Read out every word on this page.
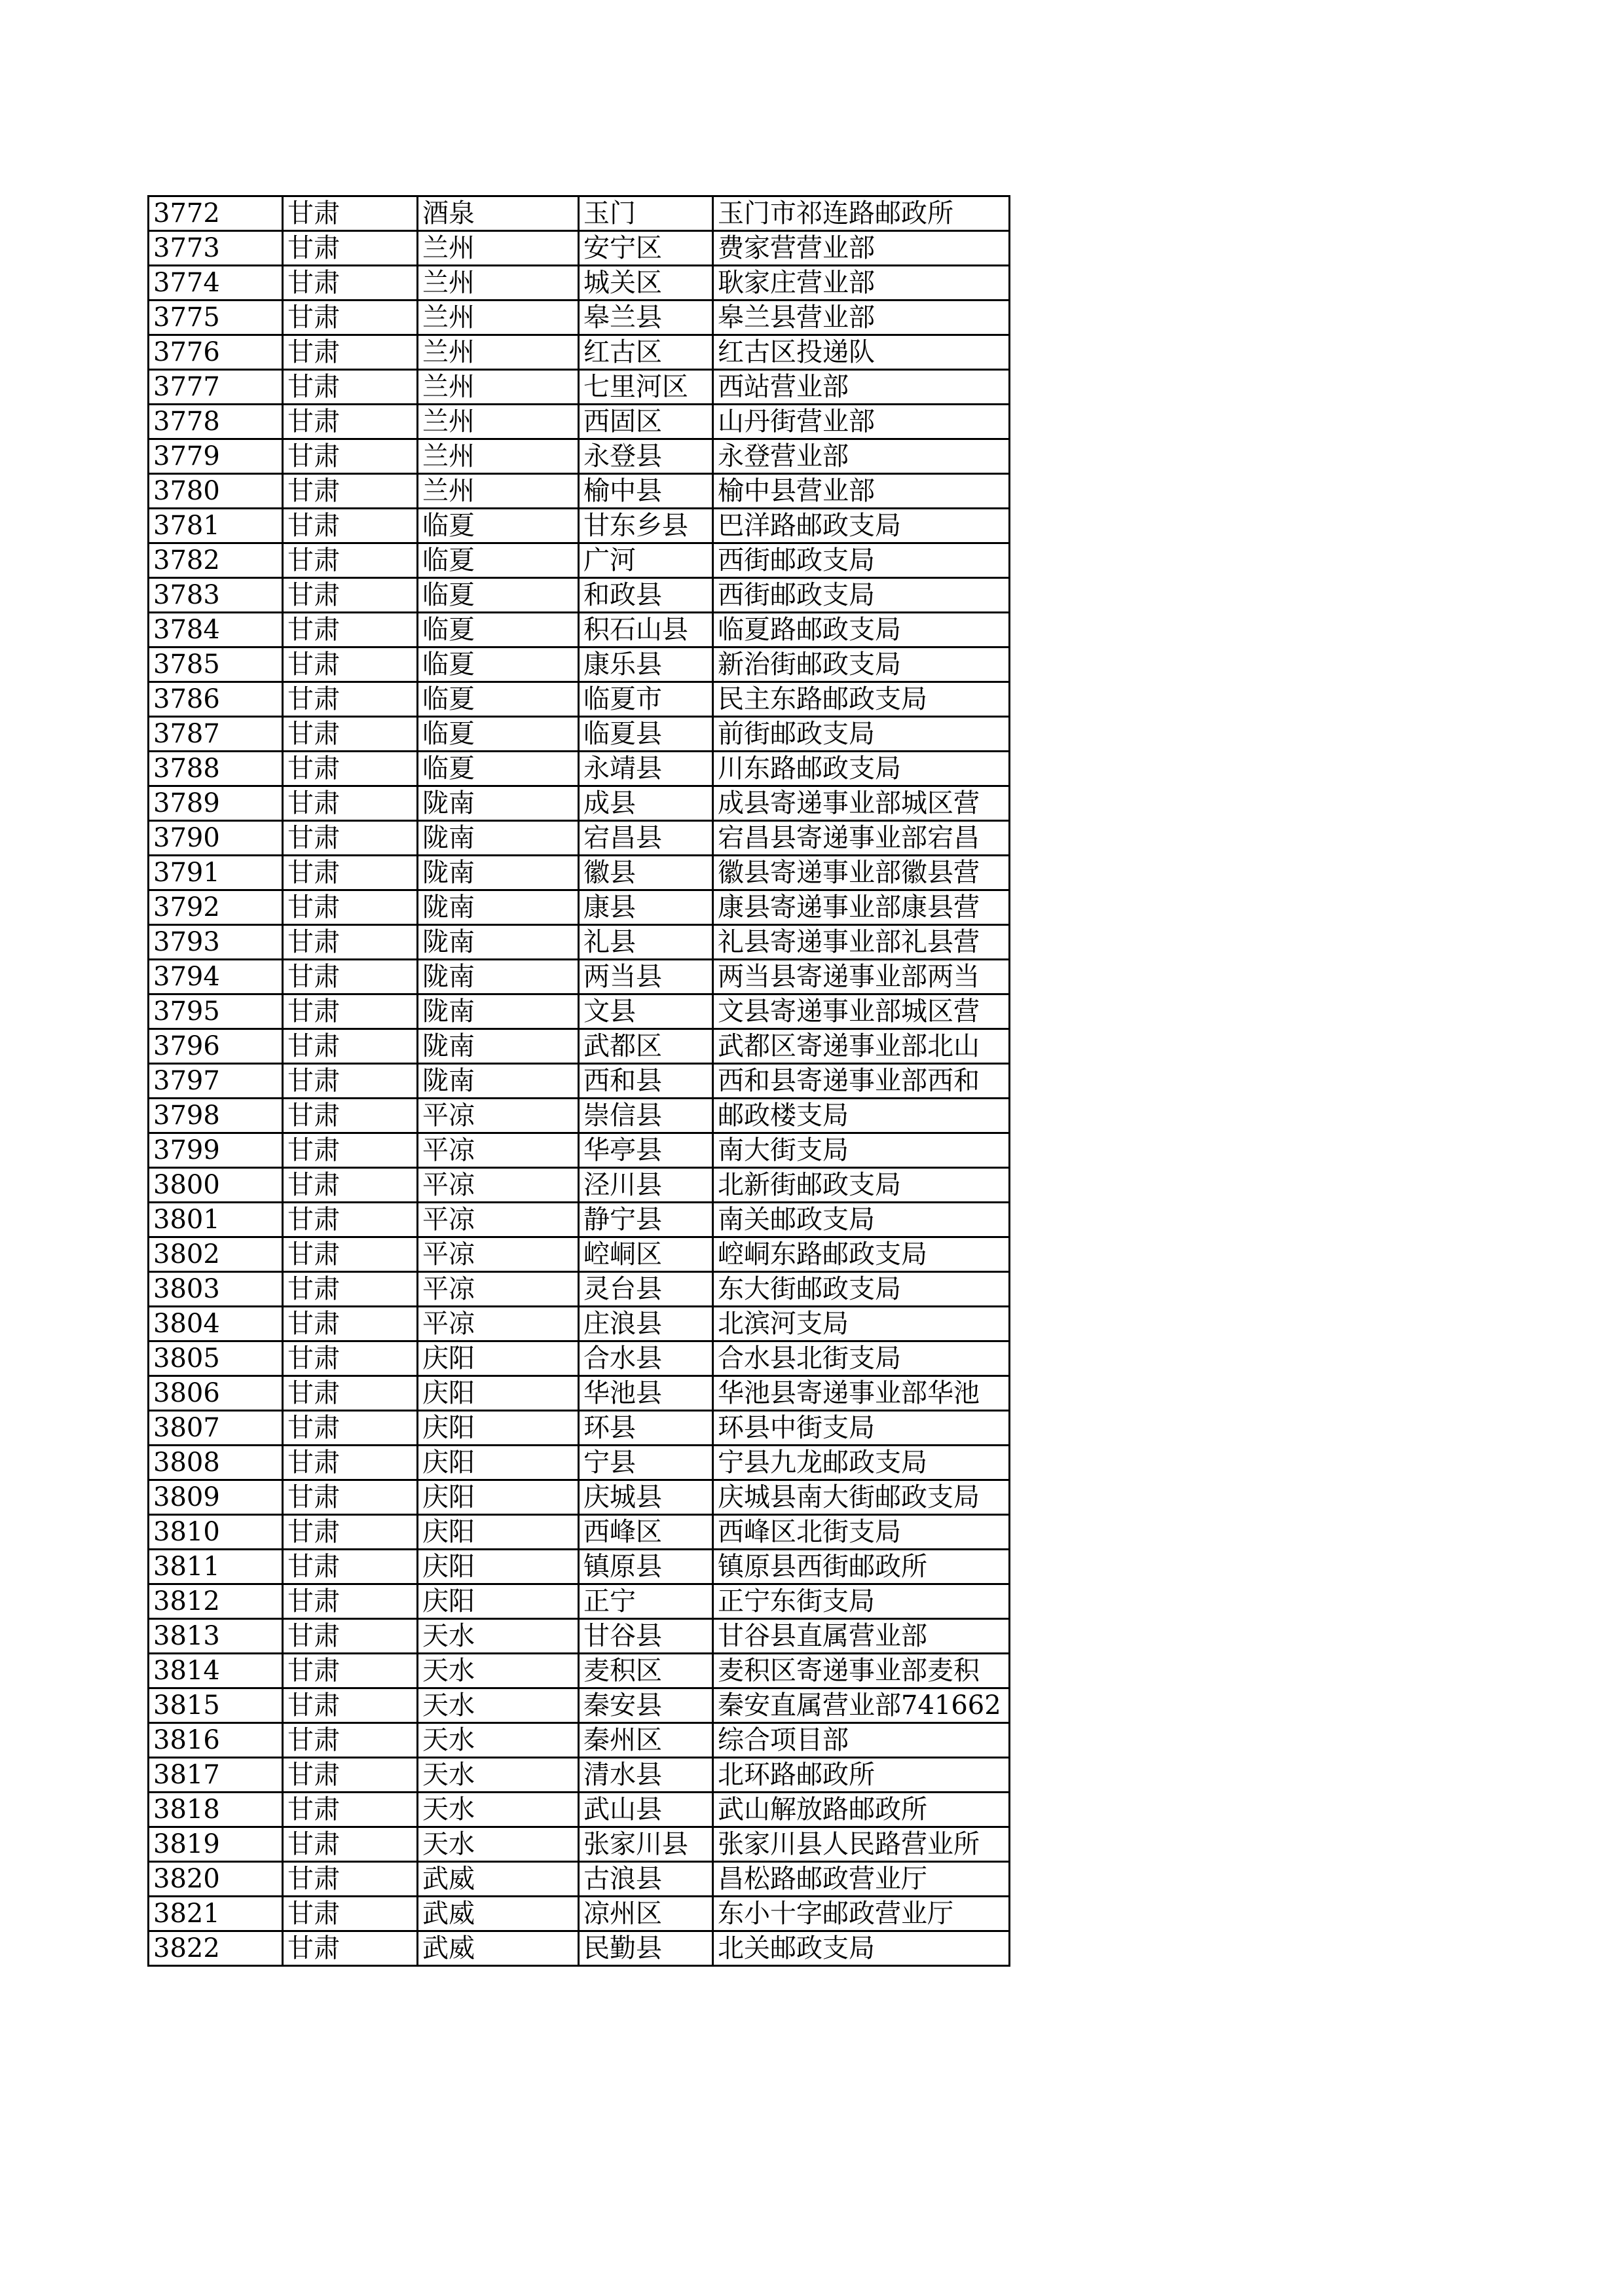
3772	甘肃	酒泉	玉门	玉门市祁连路邮政所
3773	甘肃	兰州	安宁区	费家营营业部
3774	甘肃	兰州	城关区	耿家庄营业部
3775	甘肃	兰州	皋兰县	皋兰县营业部
3776	甘肃	兰州	红古区	红古区投递队
3777	甘肃	兰州	七里河区	西站营业部
3778	甘肃	兰州	西固区	山丹街营业部
3779	甘肃	兰州	永登县	永登营业部
3780	甘肃	兰州	榆中县	榆中县营业部
3781	甘肃	临夏	甘东乡县	巴洋路邮政支局
3782	甘肃	临夏	广河	西街邮政支局
3783	甘肃	临夏	和政县	西街邮政支局
3784	甘肃	临夏	积石山县	临夏路邮政支局
3785	甘肃	临夏	康乐县	新治街邮政支局
3786	甘肃	临夏	临夏市	民主东路邮政支局
3787	甘肃	临夏	临夏县	前街邮政支局
3788	甘肃	临夏	永靖县	川东路邮政支局
3789	甘肃	陇南	成县	成县寄递事业部城区营
3790	甘肃	陇南	宕昌县	宕昌县寄递事业部宕昌
3791	甘肃	陇南	徽县	徽县寄递事业部徽县营
3792	甘肃	陇南	康县	康县寄递事业部康县营
3793	甘肃	陇南	礼县	礼县寄递事业部礼县营
3794	甘肃	陇南	两当县	两当县寄递事业部两当
3795	甘肃	陇南	文县	文县寄递事业部城区营
3796	甘肃	陇南	武都区	武都区寄递事业部北山
3797	甘肃	陇南	西和县	西和县寄递事业部西和
3798	甘肃	平凉	崇信县	邮政楼支局
3799	甘肃	平凉	华亭县	南大街支局
3800	甘肃	平凉	泾川县	北新街邮政支局
3801	甘肃	平凉	静宁县	南关邮政支局
3802	甘肃	平凉	崆峒区	崆峒东路邮政支局
3803	甘肃	平凉	灵台县	东大街邮政支局
3804	甘肃	平凉	庄浪县	北滨河支局
3805	甘肃	庆阳	合水县	合水县北街支局
3806	甘肃	庆阳	华池县	华池县寄递事业部华池
3807	甘肃	庆阳	环县	环县中街支局
3808	甘肃	庆阳	宁县	宁县九龙邮政支局
3809	甘肃	庆阳	庆城县	庆城县南大街邮政支局
3810	甘肃	庆阳	西峰区	西峰区北街支局
3811	甘肃	庆阳	镇原县	镇原县西街邮政所
3812	甘肃	庆阳	正宁	正宁东街支局
3813	甘肃	天水	甘谷县	甘谷县直属营业部
3814	甘肃	天水	麦积区	麦积区寄递事业部麦积
3815	甘肃	天水	秦安县	秦安直属营业部741662
3816	甘肃	天水	秦州区	综合项目部
3817	甘肃	天水	清水县	北环路邮政所
3818	甘肃	天水	武山县	武山解放路邮政所
3819	甘肃	天水	张家川县	张家川县人民路营业所
3820	甘肃	武威	古浪县	昌松路邮政营业厅
3821	甘肃	武威	凉州区	东小十字邮政营业厅
3822	甘肃	武威	民勤县	北关邮政支局
